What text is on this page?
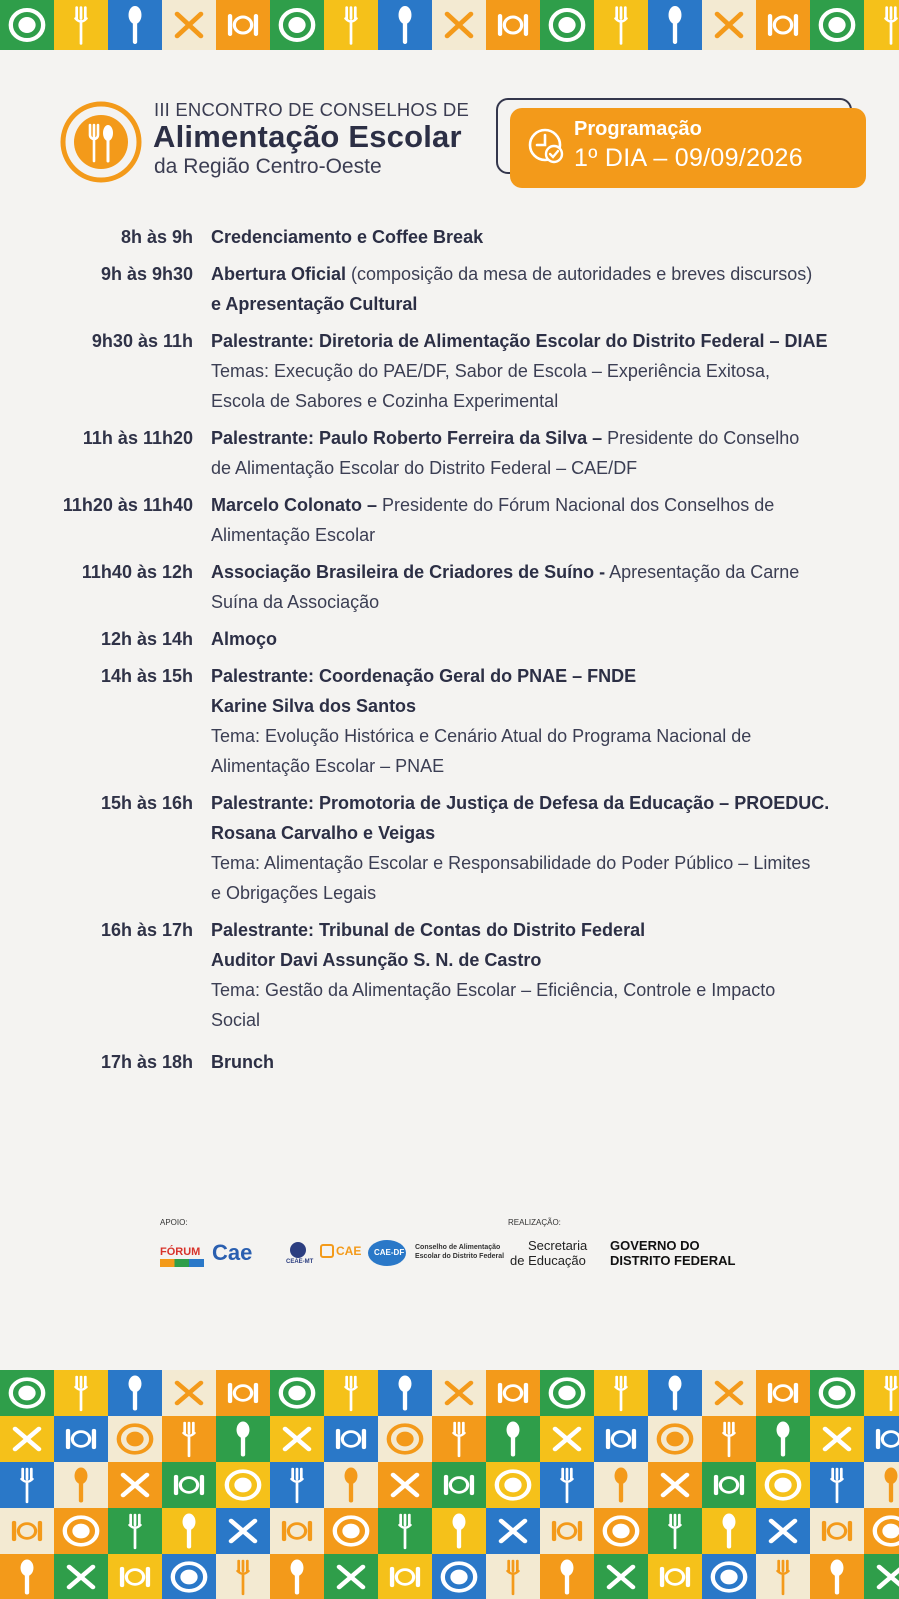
III ENCONTRO DE CONSELHOS DE
Alimentação Escolar
da Região Centro-Oeste
Programação
1º DIA – 09/09/2026
8h às 9h Credenciamento e Coffee Break
9h às 9h30 Abertura Oficial (composição da mesa de autoridades e breves discursos)
e Apresentação Cultural
9h30 às 11h Palestrante: Diretoria de Alimentação Escolar do Distrito Federal – DIAE
Temas: Execução do PAE/DF, Sabor de Escola – Experiência Exitosa,
Escola de Sabores e Cozinha Experimental
11h às 11h20 Palestrante: Paulo Roberto Ferreira da Silva – Presidente do Conselho
de Alimentação Escolar do Distrito Federal – CAE/DF
11h20 às 11h40 Marcelo Colonato – Presidente do Fórum Nacional dos Conselhos de
Alimentação Escolar
11h40 às 12h Associação Brasileira de Criadores de Suíno - Apresentação da Carne
Suína da Associação
12h às 14h Almoço
14h às 15h Palestrante: Coordenação Geral do PNAE – FNDE
Karine Silva dos Santos
Tema: Evolução Histórica e Cenário Atual do Programa Nacional de
Alimentação Escolar – PNAE
15h às 16h Palestrante: Promotoria de Justiça de Defesa da Educação – PROEDUC.
Rosana Carvalho e Veigas
Tema: Alimentação Escolar e Responsabilidade do Poder Público – Limites
e Obrigações Legais
16h às 17h Palestrante: Tribunal de Contas do Distrito Federal
Auditor Davi Assunção S. N. de Castro
Tema: Gestão da Alimentação Escolar – Eficiência, Controle e Impacto
Social
17h às 18h Brunch
APOIO:	REALIZAÇÃO:
FÓRUM Cae	CEAE-MT
CAE CAE-DF
Conselho de Alimentação
Escolar do Distrito Federal
Secretaria
de Educação
GOVERNO DO
DISTRITO FEDERAL
